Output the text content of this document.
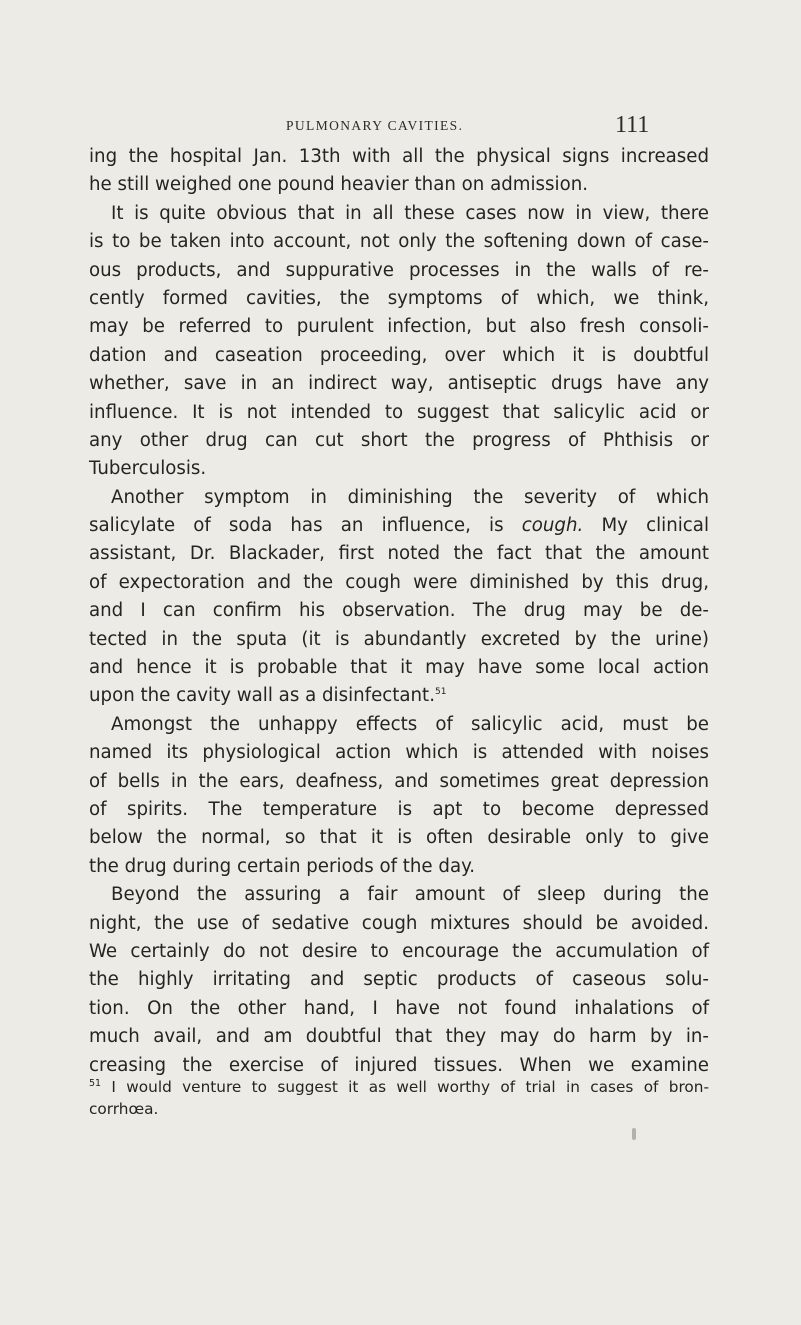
PULMONARY CAVITIES.	111
ing the hospital Jan. 13th with all the physical signs increased
he still weighed one pound heavier than on admission.
It is quite obvious that in all these cases now in view, there
is to be taken into account, not only the softening down of case-
ous products, and suppurative processes in the walls of re-
cently formed cavities, the symptoms of which, we think,
may be referred to purulent infection, but also fresh consoli-
dation and caseation proceeding, over which it is doubtful
whether, save in an indirect way, antiseptic drugs have any
influence. It is not intended to suggest that salicylic acid or
any other drug can cut short the progress of Phthisis or
Tuberculosis.
Another symptom in diminishing the severity of which
salicylate of soda has an influence, is cough. My clinical
assistant, Dr. Blackader, first noted the fact that the amount
of expectoration and the cough were diminished by this drug,
and I can confirm his observation. The drug may be de-
tected in the sputa (it is abundantly excreted by the urine)
and hence it is probable that it may have some local action
upon the cavity wall as a disinfectant.$^{51}$
Amongst the unhappy effects of salicylic acid, must be
named its physiological action which is attended with noises
of bells in the ears, deafness, and sometimes great depression
of spirits. The temperature is apt to become depressed
below the normal, so that it is often desirable only to give
the drug during certain periods of the day.
Beyond the assuring a fair amount of sleep during the
night, the use of sedative cough mixtures should be avoided.
We certainly do not desire to encourage the accumulation of
the highly irritating and septic products of caseous solu-
tion. On the other hand, I have not found inhalations of
much avail, and am doubtful that they may do harm by in-
creasing the exercise of injured tissues. When we examine
$^{51}$ I would venture to suggest it as well worthy of trial in cases of bron-
corrhœa.
